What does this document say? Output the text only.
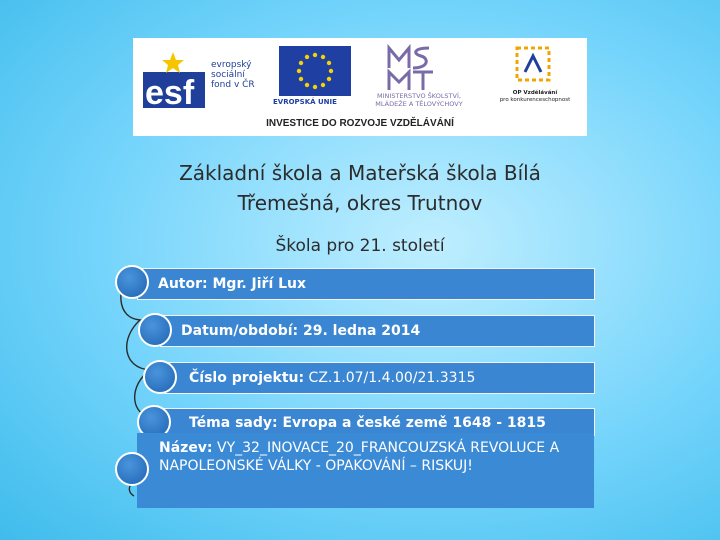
esf
evropský
sociální
fond v ČR
EVROPSKÁ UNIE
MINISTERSTVO ŠKOLSTVÍ,
MLÁDEŽE A TĚLOVÝCHOVY
OP Vzdělávání
pro konkurenceschopnost
INVESTICE DO ROZVOJE VZDĚLÁVÁNÍ
Základní škola a Mateřská škola Bílá
Třemešná, okres Trutnov
Škola pro 21. století
Autor: Mgr. Jiří Lux
Datum/období: 29. ledna 2014
Číslo projektu: CZ.1.07/1.4.00/21.3315
Téma sady: Evropa a české země 1648 - 1815
Název: VY_32_INOVACE_20_FRANCOUZSKÁ REVOLUCE A NAPOLEONSKÉ VÁLKY - OPAKOVÁNÍ – RISKUJ!
